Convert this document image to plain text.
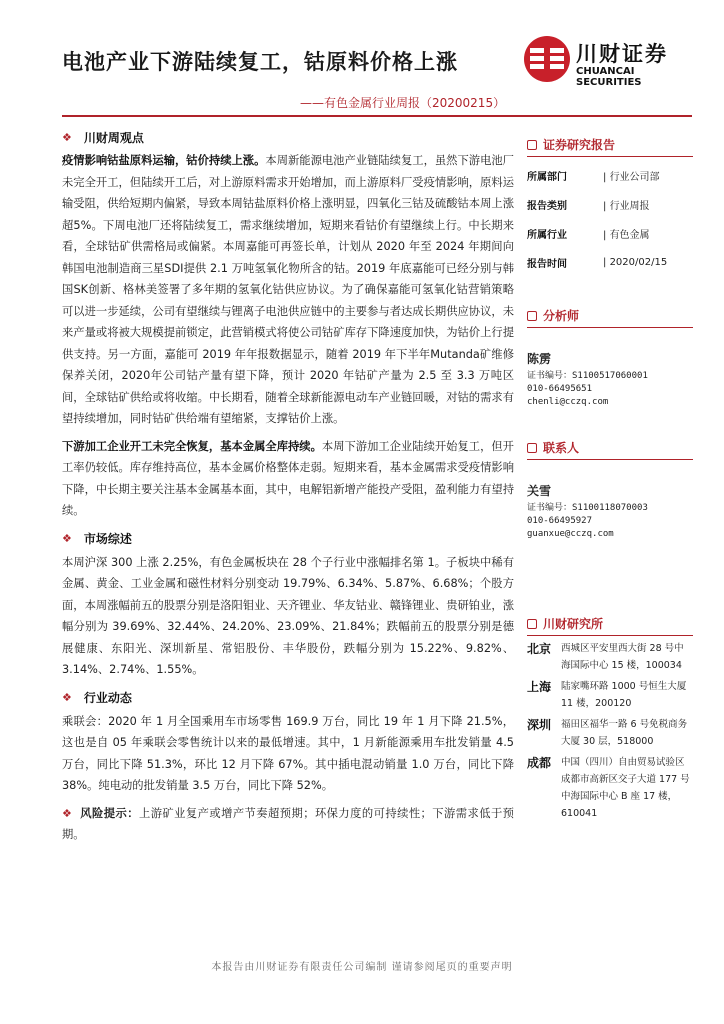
电池产业下游陆续复工，钴原料价格上涨
——有色金属行业周报（20200215）
川财证券
CHUANCAI SECURITIES
❖ 川财周观点
疫情影响钴盐原料运输，钴价持续上涨。本周新能源电池产业链陆续复工，虽然下游电池厂未完全开工，但陆续开工后，对上游原料需求开始增加，而上游原料厂受疫情影响，原料运输受阻，供给短期内偏紧，导致本周钴盐原料价格上涨明显，四氧化三钴及硫酸钴本周上涨超5%。下周电池厂还将陆续复工，需求继续增加，短期来看钴价有望继续上行。中长期来看，全球钴矿供需格局或偏紧。本周嘉能可再签长单，计划从 2020 年至 2024 年期间向韩国电池制造商三星SDI提供 2.1 万吨氢氧化物所含的钴。2019 年底嘉能可已经分别与韩国SK创新、格林美签署了多年期的氢氧化钴供应协议。为了确保嘉能可氢氧化钴营销策略可以进一步延续，公司有望继续与锂离子电池供应链中的主要参与者达成长期供应协议，未来产量或将被大规模提前锁定，此营销模式将使公司钴矿库存下降速度加快，为钴价上行提供支持。另一方面，嘉能可 2019 年年报数据显示，随着 2019 年下半年Mutanda矿维修保养关闭，2020年公司钴产量有望下降，预计 2020 年钴矿产量为 2.5 至 3.3 万吨区间，全球钴矿供给或将收缩。中长期看，随着全球新能源电动车产业链回暖，对钴的需求有望持续增加，同时钴矿供给端有望缩紧，支撑钴价上涨。
下游加工企业开工未完全恢复，基本金属全库持续。本周下游加工企业陆续开始复工，但开工率仍较低。库存维持高位，基本金属价格整体走弱。短期来看，基本金属需求受疫情影响下降，中长期主要关注基本金属基本面，其中，电解铝新增产能投产受阻，盈利能力有望持续。
❖ 市场综述
本周沪深 300 上涨 2.25%，有色金属板块在 28 个子行业中涨幅排名第 1。子板块中稀有金属、黄金、工业金属和磁性材料分别变动 19.79%、6.34%、5.87%、6.68%；个股方面，本周涨幅前五的股票分别是洛阳钼业、天齐锂业、华友钴业、赣锋锂业、贵研铂业，涨幅分别为 39.69%、32.44%、24.20%、23.09%、21.84%；跌幅前五的股票分别是德展健康、东阳光、深圳新星、常铝股份、丰华股份，跌幅分别为 15.22%、9.82%、3.14%、2.74%、1.55%。
❖ 行业动态
乘联会：2020 年 1 月全国乘用车市场零售 169.9 万台，同比 19 年 1 月下降 21.5%，这也是自 05 年乘联会零售统计以来的最低增速。其中，1 月新能源乘用车批发销量 4.5 万台，同比下降 51.3%，环比 12 月下降 67%。其中插电混动销量 1.0 万台，同比下降 38%。纯电动的批发销量 3.5 万台，同比下降 52%。
❖ 风险提示：上游矿业复产或增产节奏超预期；环保力度的可持续性；下游需求低于预期。
证券研究报告
所属部门	| 行业公司部
报告类别	| 行业周报
所属行业	| 有色金属
报告时间	| 2020/02/15
分析师
陈雳
证书编号：S1100517060001
010-66495651
chenli@cczq.com
联系人
关雪
证书编号：S1100118070003
010-66495927
guanxue@cczq.com
川财研究所
北京	西城区平安里西大街 28 号中海国际中心 15 楼，100034
上海	陆家嘴环路 1000 号恒生大厦 11 楼，200120
深圳	福田区福华一路 6 号免税商务大厦 30 层，518000
成都	中国（四川）自由贸易试验区成都市高新区交子大道 177 号中海国际中心 B 座 17 楼，610041
本报告由川财证券有限责任公司编制 谨请参阅尾页的重要声明
